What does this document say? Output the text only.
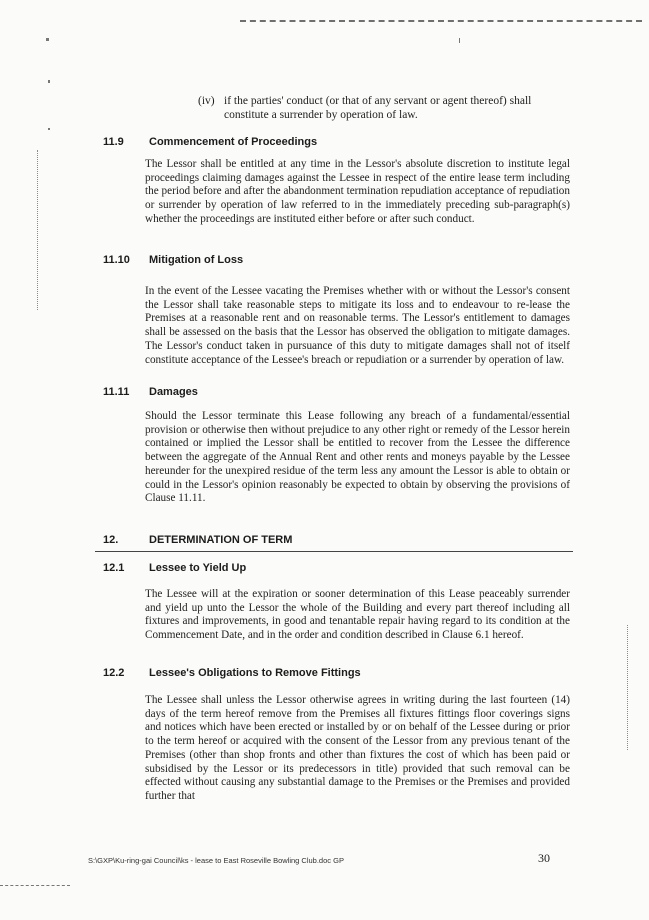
(iv) if the parties' conduct (or that of any servant or agent thereof) shall constitute a surrender by operation of law.
11.9 Commencement of Proceedings
The Lessor shall be entitled at any time in the Lessor's absolute discretion to institute legal proceedings claiming damages against the Lessee in respect of the entire lease term including the period before and after the abandonment termination repudiation acceptance of repudiation or surrender by operation of law referred to in the immediately preceding sub-paragraph(s) whether the proceedings are instituted either before or after such conduct.
11.10 Mitigation of Loss
In the event of the Lessee vacating the Premises whether with or without the Lessor's consent the Lessor shall take reasonable steps to mitigate its loss and to endeavour to re-lease the Premises at a reasonable rent and on reasonable terms. The Lessor's entitlement to damages shall be assessed on the basis that the Lessor has observed the obligation to mitigate damages. The Lessor's conduct taken in pursuance of this duty to mitigate damages shall not of itself constitute acceptance of the Lessee's breach or repudiation or a surrender by operation of law.
11.11 Damages
Should the Lessor terminate this Lease following any breach of a fundamental/essential provision or otherwise then without prejudice to any other right or remedy of the Lessor herein contained or implied the Lessor shall be entitled to recover from the Lessee the difference between the aggregate of the Annual Rent and other rents and moneys payable by the Lessee hereunder for the unexpired residue of the term less any amount the Lessor is able to obtain or could in the Lessor's opinion reasonably be expected to obtain by observing the provisions of Clause 11.11.
12.	DETERMINATION OF TERM
12.1 Lessee to Yield Up
The Lessee will at the expiration or sooner determination of this Lease peaceably surrender and yield up unto the Lessor the whole of the Building and every part thereof including all fixtures and improvements, in good and tenantable repair having regard to its condition at the Commencement Date, and in the order and condition described in Clause 6.1 hereof.
12.2 Lessee's Obligations to Remove Fittings
The Lessee shall unless the Lessor otherwise agrees in writing during the last fourteen (14) days of the term hereof remove from the Premises all fixtures fittings floor coverings signs and notices which have been erected or installed by or on behalf of the Lessee during or prior to the term hereof or acquired with the consent of the Lessor from any previous tenant of the Premises (other than shop fronts and other than fixtures the cost of which has been paid or subsidised by the Lessor or its predecessors in title) provided that such removal can be effected without causing any substantial damage to the Premises or the Premises and provided further that
S:\GXP\Ku-ring-gai Council\ks - lease to East Roseville Bowling Club.doc GP	30
